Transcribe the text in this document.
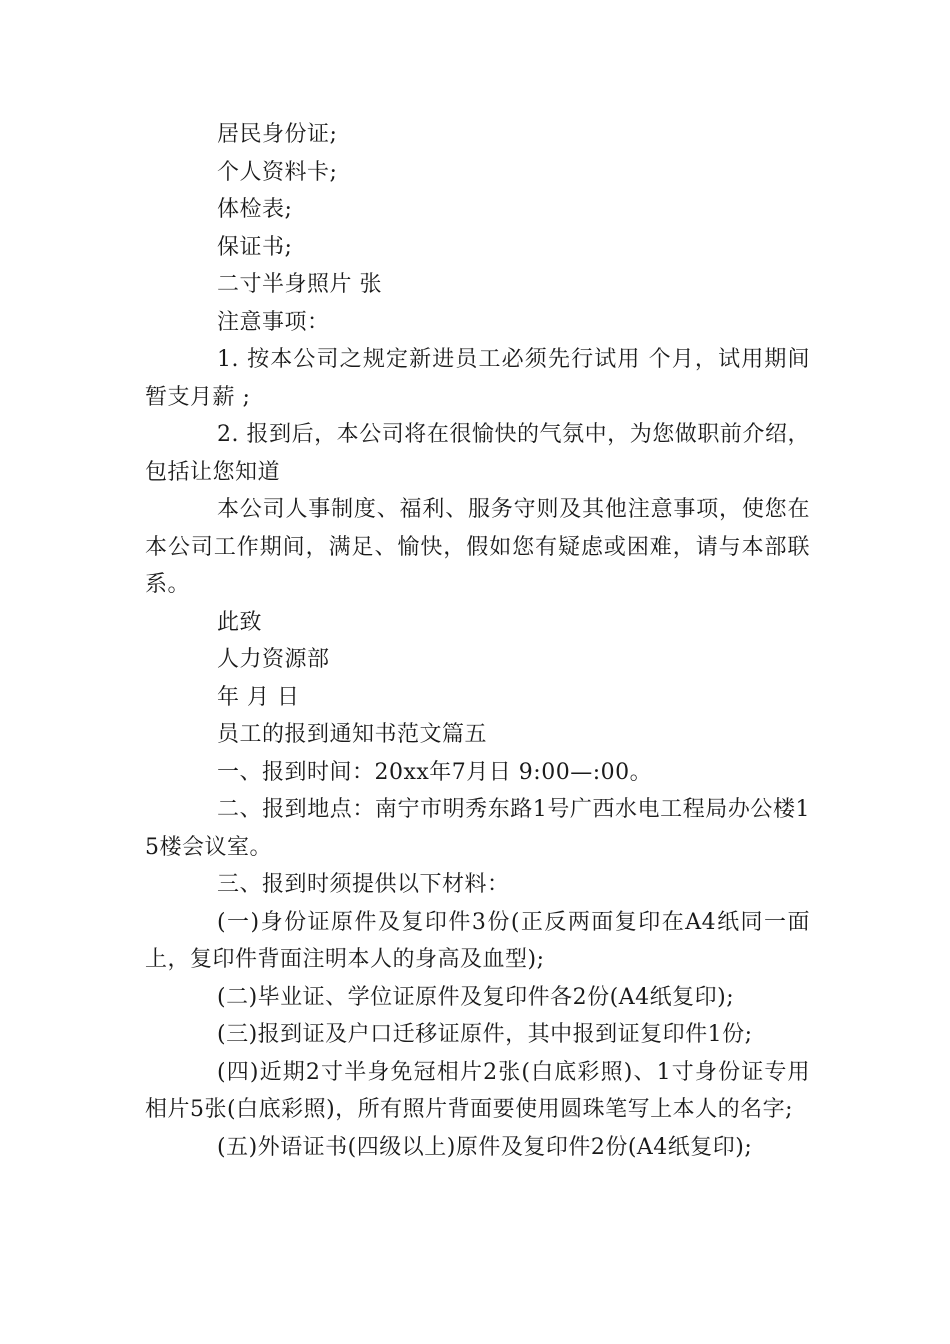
居民身份证;

个人资料卡;

体检表;

保证书;

二寸半身照片 张

注意事项：

1. 按本公司之规定新进员工必须先行试用 个月，试用期间暂支月薪 ;

2. 报到后，本公司将在很愉快的气氛中，为您做职前介绍，包括让您知道

本公司人事制度、福利、服务守则及其他注意事项，使您在本公司工作期间，满足、愉快，假如您有疑虑或困难，请与本部联系。

此致

人力资源部

年 月 日

员工的报到通知书范文篇五

一、报到时间：20xx年7月日 9:00—:00。

二、报到地点：南宁市明秀东路1号广西水电工程局办公楼15楼会议室。

三、报到时须提供以下材料：

(一)身份证原件及复印件3份(正反两面复印在A4纸同一面上，复印件背面注明本人的身高及血型);

(二)毕业证、学位证原件及复印件各2份(A4纸复印);

(三)报到证及户口迁移证原件，其中报到证复印件1份;

(四)近期2寸半身免冠相片2张(白底彩照)、1寸身份证专用相片5张(白底彩照)，所有照片背面要使用圆珠笔写上本人的名字;

(五)外语证书(四级以上)原件及复印件2份(A4纸复印);
